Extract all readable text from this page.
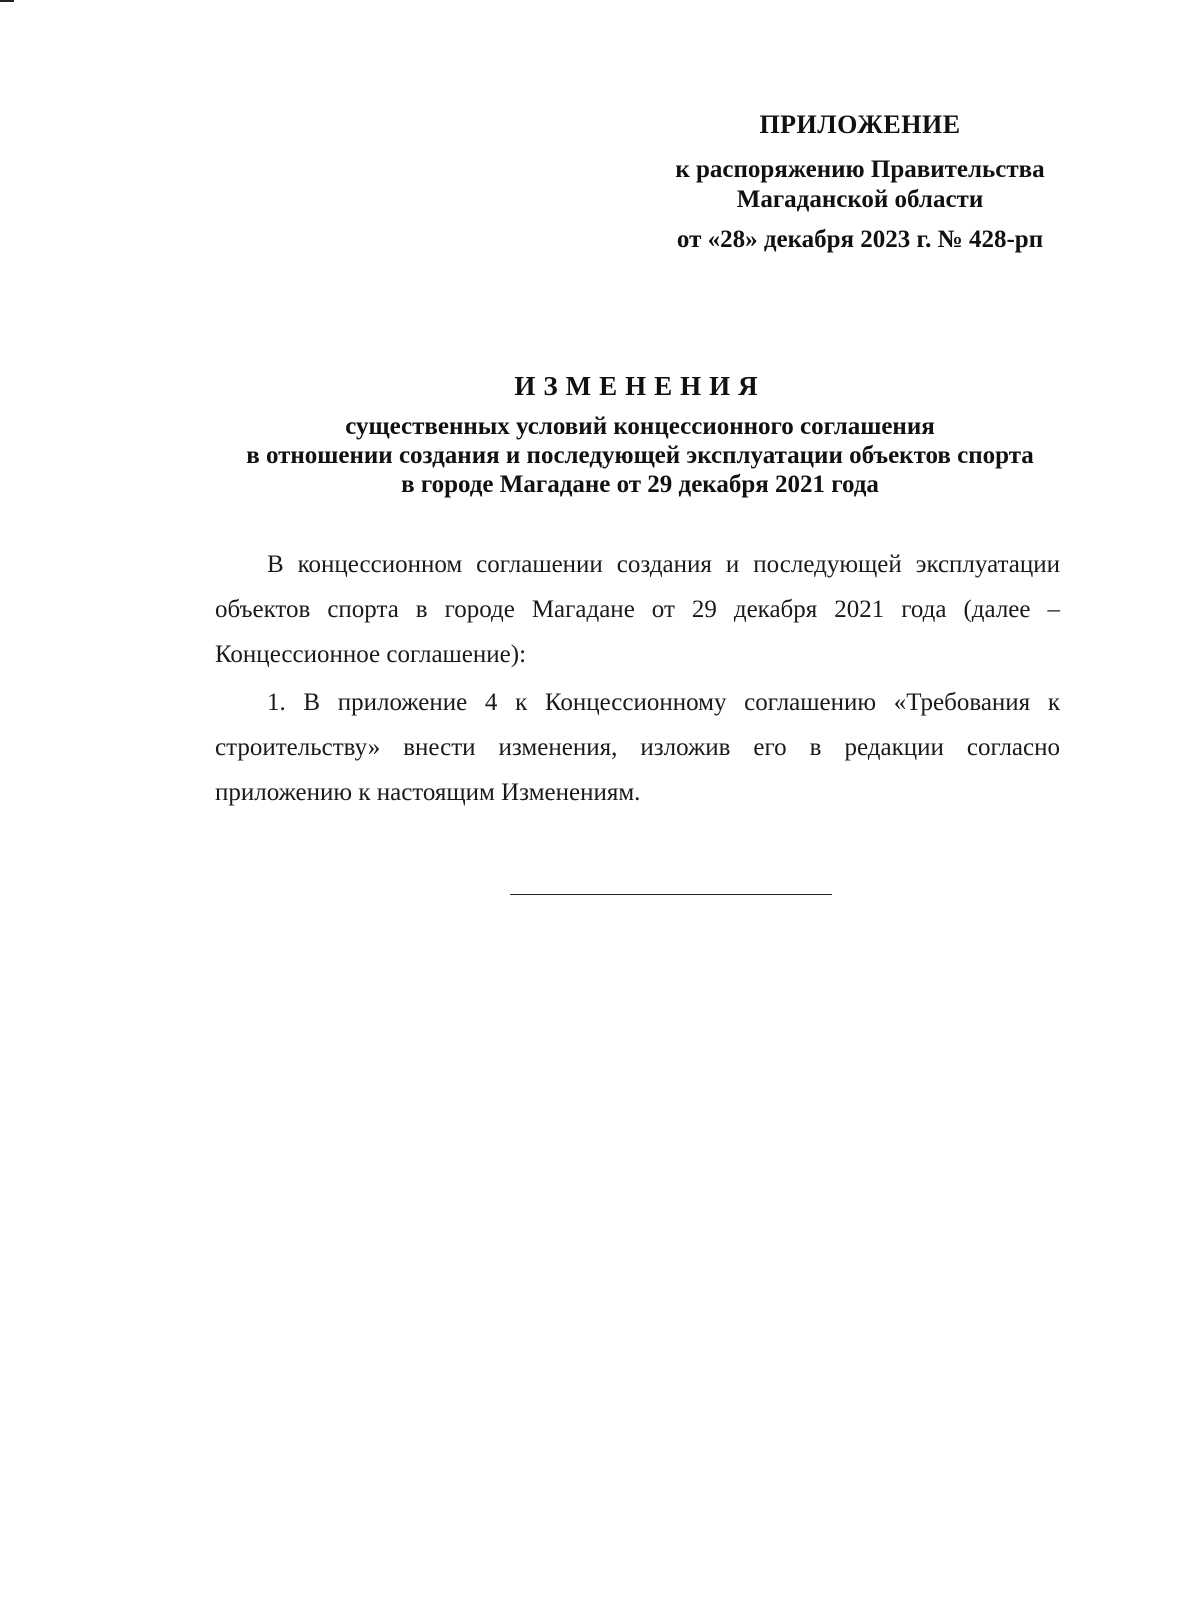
ПРИЛОЖЕНИЕ
к распоряжению Правительства
Магаданской области
от «28» декабря 2023 г. № 428-рп
ИЗМЕНЕНИЯ
существенных условий концессионного соглашения
в отношении создания и последующей эксплуатации объектов спорта
в городе Магадане от 29 декабря 2021 года

В концессионном соглашении создания и последующей эксплуатации объектов спорта в городе Магадане от 29 декабря 2021 года (далее – Концессионное соглашение):

1. В приложение 4 к Концессионному соглашению «Требования к строительству» внести изменения, изложив его в редакции согласно приложению к настоящим Изменениям.
